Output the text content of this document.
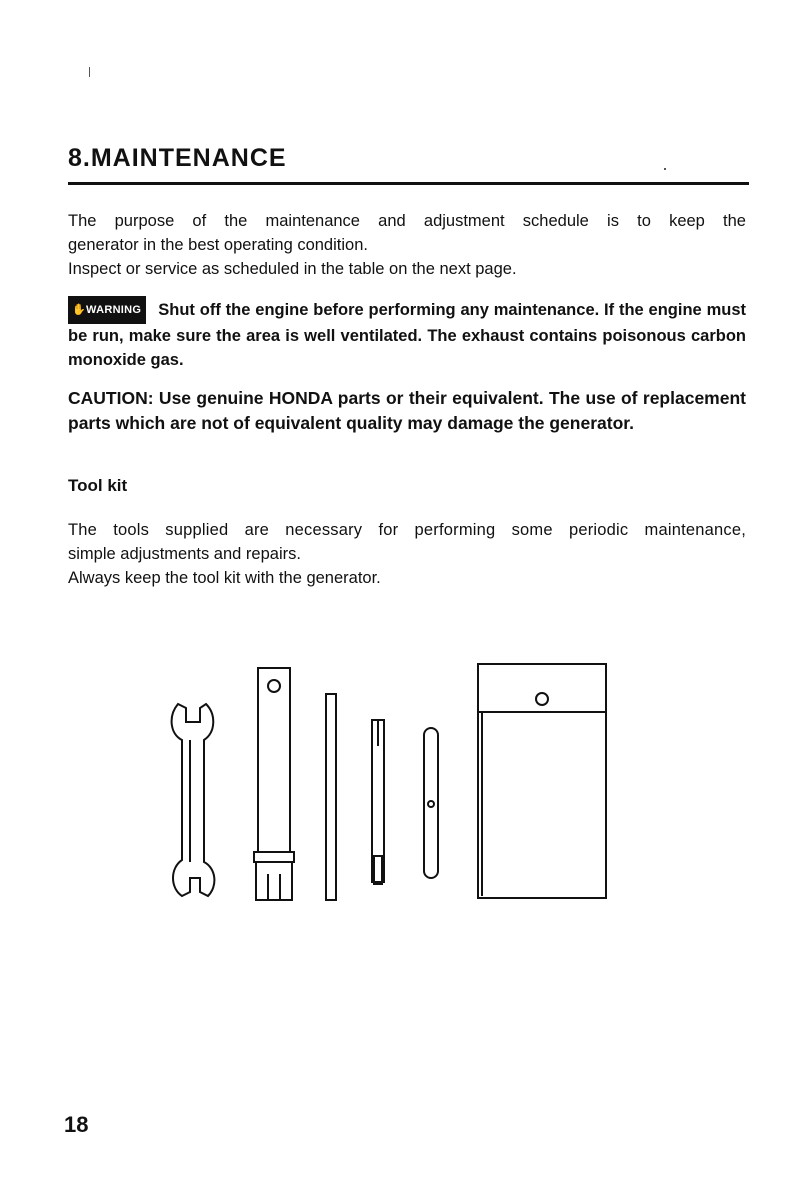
8.MAINTENANCE
The purpose of the maintenance and adjustment schedule is to keep the
generator in the best operating condition.
Inspect or service as scheduled in the table on the next page.

✋WARNING Shut off the engine before performing any maintenance. If the engine must be run, make sure the area is well ventilated. The exhaust contains poisonous carbon monoxide gas.

CAUTION: Use genuine HONDA parts or their equivalent. The use of replacement parts which are not of equivalent quality may damage the generator.

Tool kit
The tools supplied are necessary for performing some periodic maintenance,
simple adjustments and repairs.
Always keep the tool kit with the generator.

18
